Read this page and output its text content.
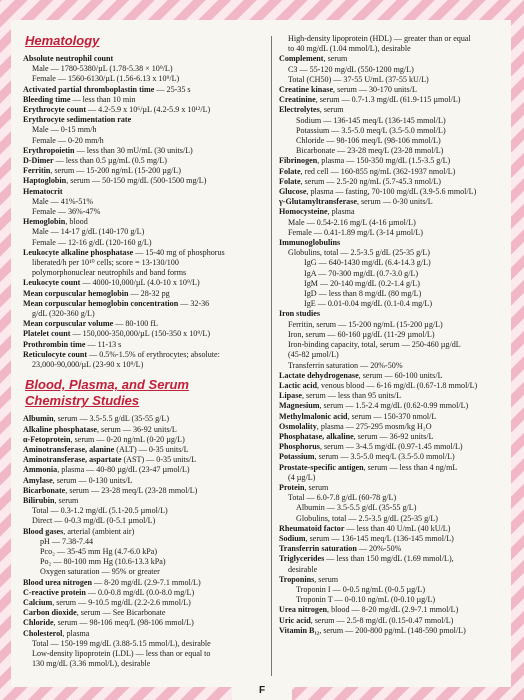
Hematology

Absolute neutrophil count

Male — 1780-5380/µL (1.78-5.38 × 10⁹/L)

Female — 1560-6130/µL (1.56-6.13 x 10⁹/L)

Activated partial thromboplastin time — 25-35 s

Bleeding time — less than 10 min

Erythrocyte count — 4.2-5.9 x 10⁶/µL (4.2-5.9 x 10¹²/L)

Erythrocyte sedimentation rate

Male — 0-15 mm/h

Female — 0-20 mm/h

Erythropoietin — less than 30 mU/mL (30 units/L)

D-Dimer — less than 0.5 µg/mL (0.5 mg/L)

Ferritin, serum — 15-200 ng/mL (15-200 µg/L)

Haptoglobin, serum — 50-150 mg/dL (500-1500 mg/L)

Hematocrit

Male — 41%-51%

Female — 36%-47%

Hemoglobin, blood

Male — 14-17 g/dL (140-170 g/L)

Female — 12-16 g/dL (120-160 g/L)

Leukocyte alkaline phosphatase — 15-40 mg of phosphorus

liberated/h per 10¹⁰ cells; score = 13-130/100

polymorphonuclear neutrophils and band forms

Leukocyte count — 4000-10,000/µL (4.0-10 x 10⁹/L)

Mean corpuscular hemoglobin — 28-32 pg

Mean corpuscular hemoglobin concentration — 32-36

g/dL (320-360 g/L)

Mean corpuscular volume — 80-100 fL

Platelet count — 150,000-350,000/µL (150-350 x 10⁹/L)

Prothrombin time — 11-13 s

Reticulocyte count — 0.5%-1.5% of erythrocytes; absolute:

23,000-90,000/µL (23-90 x 10⁹/L)

Blood, Plasma, and Serum
Chemistry Studies

Albumin, serum — 3.5-5.5 g/dL (35-55 g/L)

Alkaline phosphatase, serum — 36-92 units/L

α-Fetoprotein, serum — 0-20 ng/mL (0-20 µg/L)

Aminotransferase, alanine (ALT) — 0-35 units/L

Aminotransferase, aspartate (AST) — 0-35 units/L

Ammonia, plasma — 40-80 µg/dL (23-47 µmol/L)

Amylase, serum — 0-130 units/L

Bicarbonate, serum — 23-28 meq/L (23-28 mmol/L)

Bilirubin, serum

Total — 0.3-1.2 mg/dL (5.1-20.5 µmol/L)

Direct — 0-0.3 mg/dL (0-5.1 µmol/L)

Blood gases, arterial (ambient air)

pH — 7.38-7.44

Pco₂ — 35-45 mm Hg (4.7-6.0 kPa)

Po₂ — 80-100 mm Hg (10.6-13.3 kPa)

Oxygen saturation — 95% or greater

Blood urea nitrogen — 8-20 mg/dL (2.9-7.1 mmol/L)

C-reactive protein — 0.0-0.8 mg/dL (0.0-8.0 mg/L)

Calcium, serum — 9-10.5 mg/dL (2.2-2.6 mmol/L)

Carbon dioxide, serum — See Bicarbonate

Chloride, serum — 98-106 meq/L (98-106 mmol/L)

Cholesterol, plasma

Total — 150-199 mg/dL (3.88-5.15 mmol/L), desirable

Low-density lipoprotein (LDL) — less than or equal to

130 mg/dL (3.36 mmol/L), desirable

High-density lipoprotein (HDL) — greater than or equal

to 40 mg/dL (1.04 mmol/L), desirable

Complement, serum

C3 — 55-120 mg/dL (550-1200 mg/L)

Total (CH50) — 37-55 U/mL (37-55 kU/L)

Creatine kinase, serum — 30-170 units/L

Creatinine, serum — 0.7-1.3 mg/dL (61.9-115 µmol/L)

Electrolytes, serum

Sodium — 136-145 meq/L (136-145 mmol/L)

Potassium — 3.5-5.0 meq/L (3.5-5.0 mmol/L)

Chloride — 98-106 meq/L (98-106 mmol/L)

Bicarbonate — 23-28 meq/L (23-28 mmol/L)

Fibrinogen, plasma — 150-350 mg/dL (1.5-3.5 g/L)

Folate, red cell — 160-855 ng/mL (362-1937 nmol/L)

Folate, serum — 2.5-20 ng/mL (5.7-45.3 nmol/L)

Glucose, plasma — fasting, 70-100 mg/dL (3.9-5.6 mmol/L)

γ-Glutamyltransferase, serum — 0-30 units/L

Homocysteine, plasma

Male — 0.54-2.16 mg/L (4-16 µmol/L)

Female — 0.41-1.89 mg/L (3-14 µmol/L)

Immunoglobulins

Globulins, total — 2.5-3.5 g/dL (25-35 g/L)

IgG — 640-1430 mg/dL (6.4-14.3 g/L)

IgA — 70-300 mg/dL (0.7-3.0 g/L)

IgM — 20-140 mg/dL (0.2-1.4 g/L)

IgD — less than 8 mg/dL (80 mg/L)

IgE — 0.01-0.04 mg/dL (0.1-0.4 mg/L)

Iron studies

Ferritin, serum — 15-200 ng/mL (15-200 µg/L)

Iron, serum — 60-160 µg/dL (11-29 µmol/L)

Iron-binding capacity, total, serum — 250-460 µg/dL

(45-82 µmol/L)

Transferrin saturation — 20%-50%

Lactate dehydrogenase, serum — 60-100 units/L

Lactic acid, venous blood — 6-16 mg/dL (0.67-1.8 mmol/L)

Lipase, serum — less than 95 units/L

Magnesium, serum — 1.5-2.4 mg/dL (0.62-0.99 mmol/L)

Methylmalonic acid, serum — 150-370 nmol/L

Osmolality, plasma — 275-295 mosm/kg H₂O

Phosphatase, alkaline, serum — 36-92 units/L

Phosphorus, serum — 3-4.5 mg/dL (0.97-1.45 mmol/L)

Potassium, serum — 3.5-5.0 meq/L (3.5-5.0 mmol/L)

Prostate-specific antigen, serum — less than 4 ng/mL

(4 µg/L)

Protein, serum

Total — 6.0-7.8 g/dL (60-78 g/L)

Albumin — 3.5-5.5 g/dL (35-55 g/L)

Globulins, total — 2.5-3.5 g/dL (25-35 g/L)

Rheumatoid factor — less than 40 U/mL (40 kU/L)

Sodium, serum — 136-145 meq/L (136-145 mmol/L)

Transferrin saturation — 20%-50%

Triglycerides — less than 150 mg/dL (1.69 mmol/L),

desirable

Troponins, serum

Troponin I — 0-0.5 ng/mL (0-0.5 µg/L)

Troponin T — 0-0.10 ng/mL (0-0.10 µg/L)

Urea nitrogen, blood — 8-20 mg/dL (2.9-7.1 mmol/L)

Uric acid, serum — 2.5-8 mg/dL (0.15-0.47 mmol/L)

Vitamin B₁₂, serum — 200-800 pg/mL (148-590 pmol/L)

F
